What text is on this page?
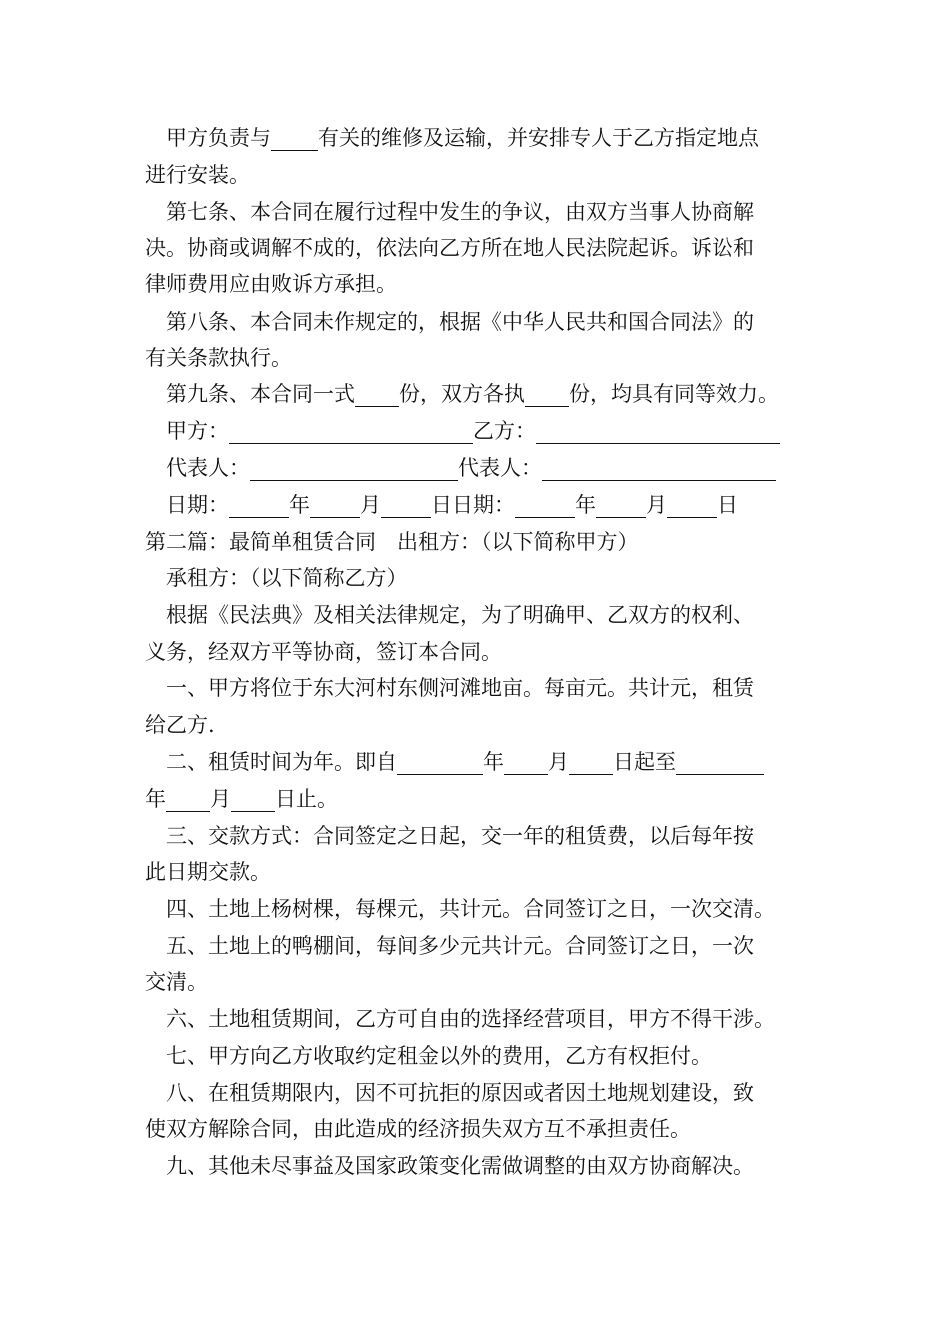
甲方负责与 有关的维修及运输，并安排专人于乙方指定地点
进行安装。
第七条、本合同在履行过程中发生的争议，由双方当事人协商解
决。协商或调解不成的，依法向乙方所在地人民法院起诉。诉讼和
律师费用应由败诉方承担。
第八条、本合同未作规定的，根据《中华人民共和国合同法》的
有关条款执行。
第九条、本合同一式 份，双方各执 份，均具有同等效力。
甲方：	乙方：
代表人：	代表人：
日期：	年 月 日日期：	年 月 日
第二篇：最简单租赁合同　出租方：（以下简称甲方）
承租方：（以下简称乙方）
根据《民法典》及相关法律规定，为了明确甲、乙双方的权利、
义务，经双方平等协商，签订本合同。
一、甲方将位于东大河村东侧河滩地亩。每亩元。共计元，租赁
给乙方.
二、租赁时间为年。即自	年 月 日起至
年 月 日止。
三、交款方式：合同签定之日起，交一年的租赁费，以后每年按
此日期交款。
四、土地上杨树棵，每棵元，共计元。合同签订之日，一次交清。
五、土地上的鸭棚间，每间多少元共计元。合同签订之日，一次
交清。
六、土地租赁期间，乙方可自由的选择经营项目，甲方不得干涉。
七、甲方向乙方收取约定租金以外的费用，乙方有权拒付。
八、在租赁期限内，因不可抗拒的原因或者因土地规划建设，致
使双方解除合同，由此造成的经济损失双方互不承担责任。
九、其他未尽事益及国家政策变化需做调整的由双方协商解决。
